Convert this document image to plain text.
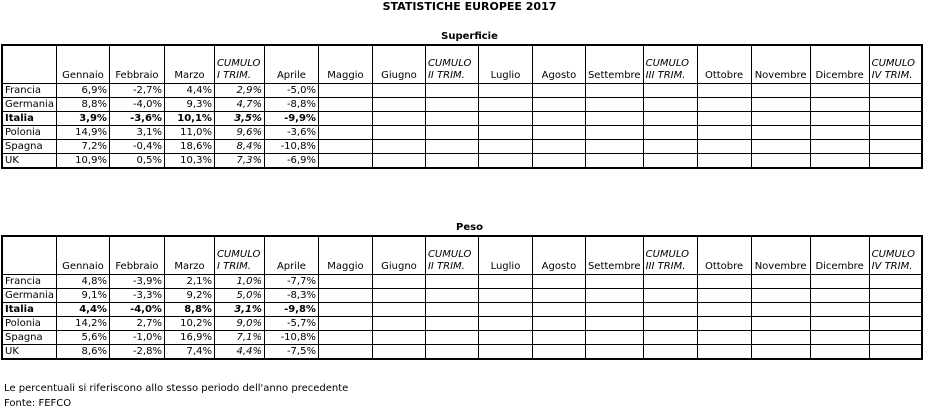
STATISTICHE EUROPEE 2017
Superficie
	Gennaio	Febbraio	Marzo	CUMULO I TRIM.	Aprile	Maggio	Giugno	CUMULO II TRIM.	Luglio	Agosto	Settembre	CUMULO III TRIM.	Ottobre	Novembre	Dicembre	CUMULO IV TRIM.
Francia	6,9%	-2,7%	4,4%	2,9%	-5,0%											
Germania	8,8%	-4,0%	9,3%	4,7%	-8,8%											
Italia	3,9%	-3,6%	10,1%	3,5%	-9,9%											
Polonia	14,9%	3,1%	11,0%	9,6%	-3,6%											
Spagna	7,2%	-0,4%	18,6%	8,4%	-10,8%											
UK	10,9%	0,5%	10,3%	7,3%	-6,9%											
Peso
	Gennaio	Febbraio	Marzo	CUMULO I TRIM.	Aprile	Maggio	Giugno	CUMULO II TRIM.	Luglio	Agosto	Settembre	CUMULO III TRIM.	Ottobre	Novembre	Dicembre	CUMULO IV TRIM.
Francia	4,8%	-3,9%	2,1%	1,0%	-7,7%											
Germania	9,1%	-3,3%	9,2%	5,0%	-8,3%											
Italia	4,4%	-4,0%	8,8%	3,1%	-9,8%											
Polonia	14,2%	2,7%	10,2%	9,0%	-5,7%											
Spagna	5,6%	-1,0%	16,9%	7,1%	-10,8%											
UK	8,6%	-2,8%	7,4%	4,4%	-7,5%											
Le percentuali si riferiscono allo stesso periodo dell'anno precedente
Fonte: FEFCO
